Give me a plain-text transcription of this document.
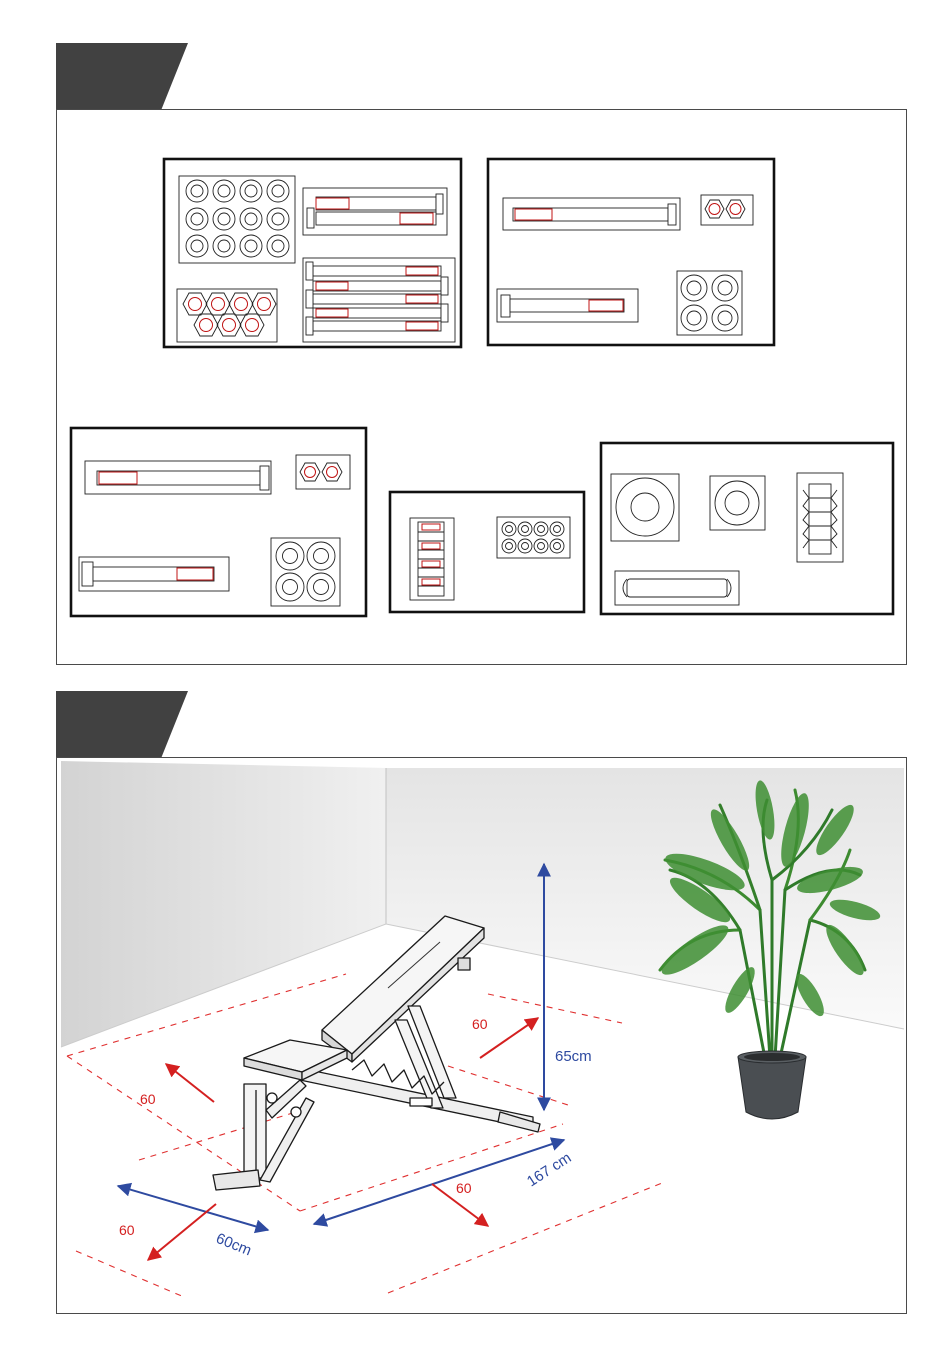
65cm
167 cm
60cm
60
60
60
60
